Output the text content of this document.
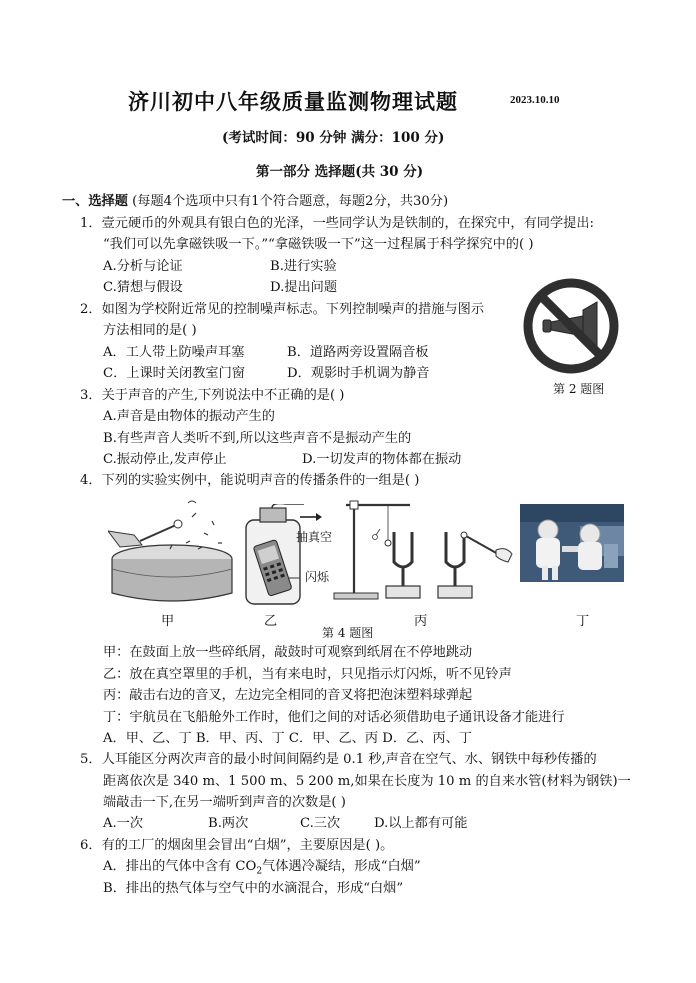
济川初中八年级质量监测物理试题	2023.10.10
(考试时间：90 分钟 满分：100 分)
第一部分 选择题(共 30 分)
一、选择题 (每题4个选项中只有1个符合题意，每题2分，共30分)
1．壹元硬币的外观具有银白色的光泽，一些同学认为是铁制的，在探究中，有同学提出:
“我们可以先拿磁铁吸一下。”“拿磁铁吸一下”这一过程属于科学探究中的( )
A.分析与论证	B.进行实验
C.猜想与假设	D.提出问题
2．如图为学校附近常见的控制噪声标志。下列控制噪声的措施与图示
方法相同的是( )
A．工人带上防噪声耳塞	B．道路两旁设置隔音板
C．上课时关闭教室门窗	D．观影时手机调为静音
第 2 题图
3．关于声音的产生,下列说法中不正确的是( )
A.声音是由物体的振动产生的
B.有些声音人类听不到,所以这些声音不是振动产生的
C.振动停止,发声停止	D.一切发声的物体都在振动
4．下列的实验实例中，能说明声音的传播条件的一组是( )
甲
抽真空
闪烁
乙	丙	丁
第 4 题图
甲：在鼓面上放一些碎纸屑，敲鼓时可观察到纸屑在不停地跳动
乙：放在真空罩里的手机，当有来电时，只见指示灯闪烁，听不见铃声
丙：敲击右边的音叉，左边完全相同的音叉将把泡沫塑料球弹起
丁：宇航员在飞船舱外工作时，他们之间的对话必须借助电子通讯设备才能进行
A．甲、乙、丁 B．甲、丙、丁 C．甲、乙、丙 D．乙、丙、丁
5．人耳能区分两次声音的最小时间间隔约是 0.1 秒,声音在空气、水、钢铁中每秒传播的
距离依次是 340 m、1 500 m、5 200 m,如果在长度为 10 m 的自来水管(材料为钢铁)一
端敲击一下,在另一端听到声音的次数是( )
A.一次	B.两次	C.三次	D.以上都有可能
6．有的工厂的烟囱里会冒出“白烟”，主要原因是( )。
A．排出的气体中含有 $CO_2$气体遇冷凝结，形成“白烟”
B．排出的热气体与空气中的水滴混合，形成“白烟”
